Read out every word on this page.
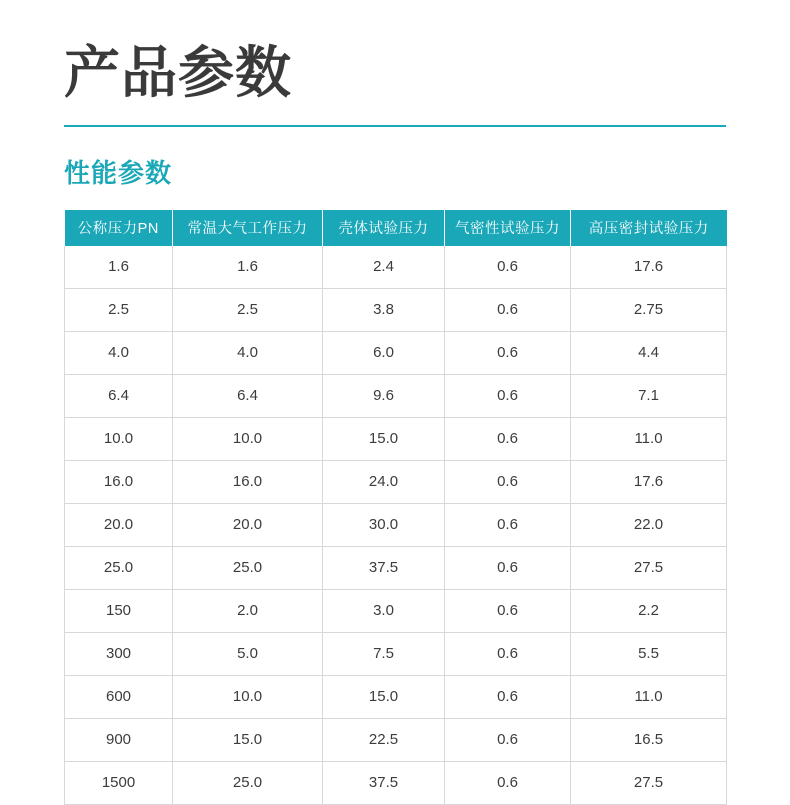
产品参数
性能参数
公称压力PN	常温大气工作压力	壳体试验压力	气密性试验压力	高压密封试验压力
1.6	1.6	2.4	0.6	17.6
2.5	2.5	3.8	0.6	2.75
4.0	4.0	6.0	0.6	4.4
6.4	6.4	9.6	0.6	7.1
10.0	10.0	15.0	0.6	11.0
16.0	16.0	24.0	0.6	17.6
20.0	20.0	30.0	0.6	22.0
25.0	25.0	37.5	0.6	27.5
150	2.0	3.0	0.6	2.2
300	5.0	7.5	0.6	5.5
600	10.0	15.0	0.6	11.0
900	15.0	22.5	0.6	16.5
1500	25.0	37.5	0.6	27.5
